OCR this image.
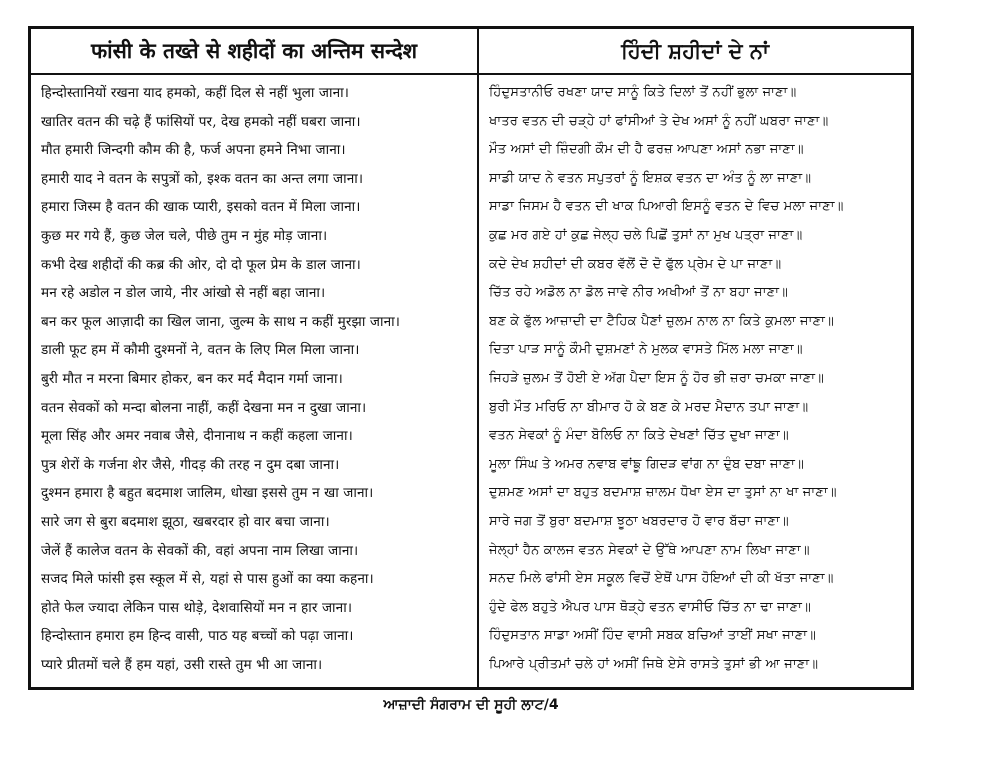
फांसी के तख्ते से शहीदों का अन्तिम सन्देश
हिन्दोस्तानियों रखना याद हमको, कहीं दिल से नहीं भुला जाना।
खातिर वतन की चढ़े हैं फांसियों पर, देख हमको नहीं घबरा जाना।
मौत हमारी जिन्दगी कौम की है, फर्ज अपना हमने निभा जाना।
हमारी याद ने वतन के सपुत्रों को, इश्क वतन का अन्त लगा जाना।
हमारा जिस्म है वतन की खाक प्यारी, इसको वतन में मिला जाना।
कुछ मर गये हैं, कुछ जेल चले, पीछे तुम न मुंह मोड़ जाना।
कभी देख शहीदों की कब्र की ओर, दो दो फूल प्रेम के डाल जाना।
मन रहे अडोल न डोल जाये, नीर आंखो से नहीं बहा जाना।
बन कर फूल आज़ादी का खिल जाना, जुल्म के साथ न कहीं मुरझा जाना।
डाली फूट हम में कौमी दुश्मनों ने, वतन के लिए मिल मिला जाना।
बुरी मौत न मरना बिमार होकर, बन कर मर्द मैदान गर्मा जाना।
वतन सेवकों को मन्दा बोलना नाहीं, कहीं देखना मन न दुखा जाना।
मूला सिंह और अमर नवाब जैसे, दीनानाथ न कहीं कहला जाना।
पुत्र शेरों के गर्जना शेर जैसे, गीदड़ की तरह न दुम दबा जाना।
दुश्मन हमारा है बहुत बदमाश जालिम, धोखा इससे तुम न खा जाना।
सारे जग से बुरा बदमाश झूठा, खबरदार हो वार बचा जाना।
जेलें हैं कालेज वतन के सेवकों की, वहां अपना नाम लिखा जाना।
सजद मिले फांसी इस स्कूल में से, यहां से पास हुओं का क्या कहना।
होते फेल ज्यादा लेकिन पास थोड़े, देशवासियों मन न हार जाना।
हिन्दोस्तान हमारा हम हिन्द वासी, पाठ यह बच्चों को पढ़ा जाना।
प्यारे प्रीतमों चले हैं हम यहां, उसी रास्ते तुम भी आ जाना।
ਹਿੰਦੀ ਸ਼ਹੀਦਾਂ ਦੇ ਨਾਂ
ਹਿੰਦੁਸਤਾਨੀਓ ਰਖਣਾ ਯਾਦ ਸਾਨੂੰ ਕਿਤੇ ਦਿਲਾਂ ਤੋਂ ਨਹੀਂ ਭੁਲਾ ਜਾਣਾ॥
ਖਾਤਰ ਵਤਨ ਦੀ ਚੜ੍ਹੇ ਹਾਂ ਫਾਂਸੀਆਂ ਤੇ ਦੇਖ ਅਸਾਂ ਨੂੰ ਨਹੀਂ ਘਬਰਾ ਜਾਣਾ॥
ਮੌਤ ਅਸਾਂ ਦੀ ਜ਼ਿੰਦਗੀ ਕੌਮ ਦੀ ਹੈ ਫਰਜ਼ ਆਪਣਾ ਅਸਾਂ ਨਭਾ ਜਾਣਾ॥
ਸਾਡੀ ਯਾਦ ਨੇ ਵਤਨ ਸਪੁਤਰਾਂ ਨੂੰ ਇਸ਼ਕ ਵਤਨ ਦਾ ਅੰਤ ਨੂੰ ਲਾ ਜਾਣਾ॥
ਸਾਡਾ ਜਿਸਮ ਹੈ ਵਤਨ ਦੀ ਖਾਕ ਪਿਆਰੀ ਇਸਨੂੰ ਵਤਨ ਦੇ ਵਿਚ ਮਲਾ ਜਾਣਾ॥
ਕੁਛ ਮਰ ਗਏ ਹਾਂ ਕੁਛ ਜੇਲ੍ਹ ਚਲੇ ਪਿਛੋਂ ਤੁਸਾਂ ਨਾ ਮੁਖ ਪਤ੍ਰਾ ਜਾਣਾ॥
ਕਦੇ ਦੇਖ ਸ਼ਹੀਦਾਂ ਦੀ ਕਬਰ ਵੱਲੋਂ ਦੋ ਦੋ ਫੁੱਲ ਪ੍ਰੇਮ ਦੇ ਪਾ ਜਾਣਾ॥
ਚਿੱਤ ਰਹੇ ਅਡੋਲ ਨਾ ਡੋਲ ਜਾਵੇ ਨੀਰ ਅਖੀਆਂ ਤੋਂ ਨਾ ਬਹਾ ਜਾਣਾ॥
ਬਣ ਕੇ ਫੁੱਲ ਆਜ਼ਾਦੀ ਦਾ ਟੈਹਿਕ ਪੈਣਾਂ ਜ਼ੁਲਮ ਨਾਲ ਨਾ ਕਿਤੇ ਕੁਮਲਾ ਜਾਣਾ॥
ਦਿਤਾ ਪਾੜ ਸਾਨੂੰ ਕੌਮੀ ਦੁਸ਼ਮਣਾਂ ਨੇ ਮੁਲਕ ਵਾਸਤੇ ਮਿੱਲ ਮਲਾ ਜਾਣਾ॥
ਜਿਹੜੇ ਜ਼ੁਲਮ ਤੋਂ ਹੋਈ ਏ ਅੱਗ ਪੈਦਾ ਇਸ ਨੂੰ ਹੋਰ ਭੀ ਜ਼ਰਾ ਚਮਕਾ ਜਾਣਾ॥
ਬੁਰੀ ਮੌਤ ਮਰਿਓ ਨਾ ਬੀਮਾਰ ਹੋ ਕੇ ਬਣ ਕੇ ਮਰਦ ਮੈਦਾਨ ਤਪਾ ਜਾਣਾ॥
ਵਤਨ ਸੇਵਕਾਂ ਨੂੰ ਮੰਦਾ ਬੋਲਿਓ ਨਾ ਕਿਤੇ ਦੇਖਣਾਂ ਚਿੱਤ ਦੁਖਾ ਜਾਣਾ॥
ਮੂਲਾ ਸਿੰਘ ਤੇ ਅਮਰ ਨਵਾਬ ਵਾਂਙੂ ਗਿਦੜ ਵਾਂਗ ਨਾ ਦੁੰਬ ਦਬਾ ਜਾਣਾ॥
ਦੁਸ਼ਮਣ ਅਸਾਂ ਦਾ ਬਹੁਤ ਬਦਮਾਸ਼ ਜ਼ਾਲਮ ਧੋਖਾ ਏਸ ਦਾ ਤੁਸਾਂ ਨਾ ਖਾ ਜਾਣਾ॥
ਸਾਰੇ ਜਗ ਤੋਂ ਬੁਰਾ ਬਦਮਾਸ਼ ਝੂਠਾ ਖਬਰਦਾਰ ਹੋ ਵਾਰ ਬੱਚਾ ਜਾਣਾ॥
ਜੇਲ੍ਹਾਂ ਹੈਨ ਕਾਲਜ ਵਤਨ ਸੇਵਕਾਂ ਦੇ ਉੱਥੇ ਆਪਣਾ ਨਾਮ ਲਿਖਾ ਜਾਣਾ॥
ਸਨਦ ਮਿਲੇ ਫਾਂਸੀ ਏਸ ਸਕੂਲ ਵਿਚੋਂ ਏਥੋਂ ਪਾਸ ਹੋਇਆਂ ਦੀ ਕੀ ਖੱਤਾ ਜਾਣਾ॥
ਹੁੰਦੇ ਫੇਲ ਬਹੁਤੇ ਐਪਰ ਪਾਸ ਥੋੜ੍ਹੇ ਵਤਨ ਵਾਸੀਓ ਚਿੱਤ ਨਾ ਢਾ ਜਾਣਾ॥
ਹਿੰਦੁਸਤਾਨ ਸਾਡਾ ਅਸੀਂ ਹਿੰਦ ਵਾਸੀ ਸਬਕ ਬਚਿਆਂ ਤਾਈਂ ਸਖਾ ਜਾਣਾ॥
ਪਿਆਰੇ ਪ੍ਰੀਤਮਾਂ ਚਲੇ ਹਾਂ ਅਸੀਂ ਜਿਥੇ ਏਸੇ ਰਾਸਤੇ ਤੁਸਾਂ ਭੀ ਆ ਜਾਣਾ॥
ਆਜ਼ਾਦੀ ਸੰਗਰਾਮ ਦੀ ਸੂਹੀ ਲਾਟ/4
